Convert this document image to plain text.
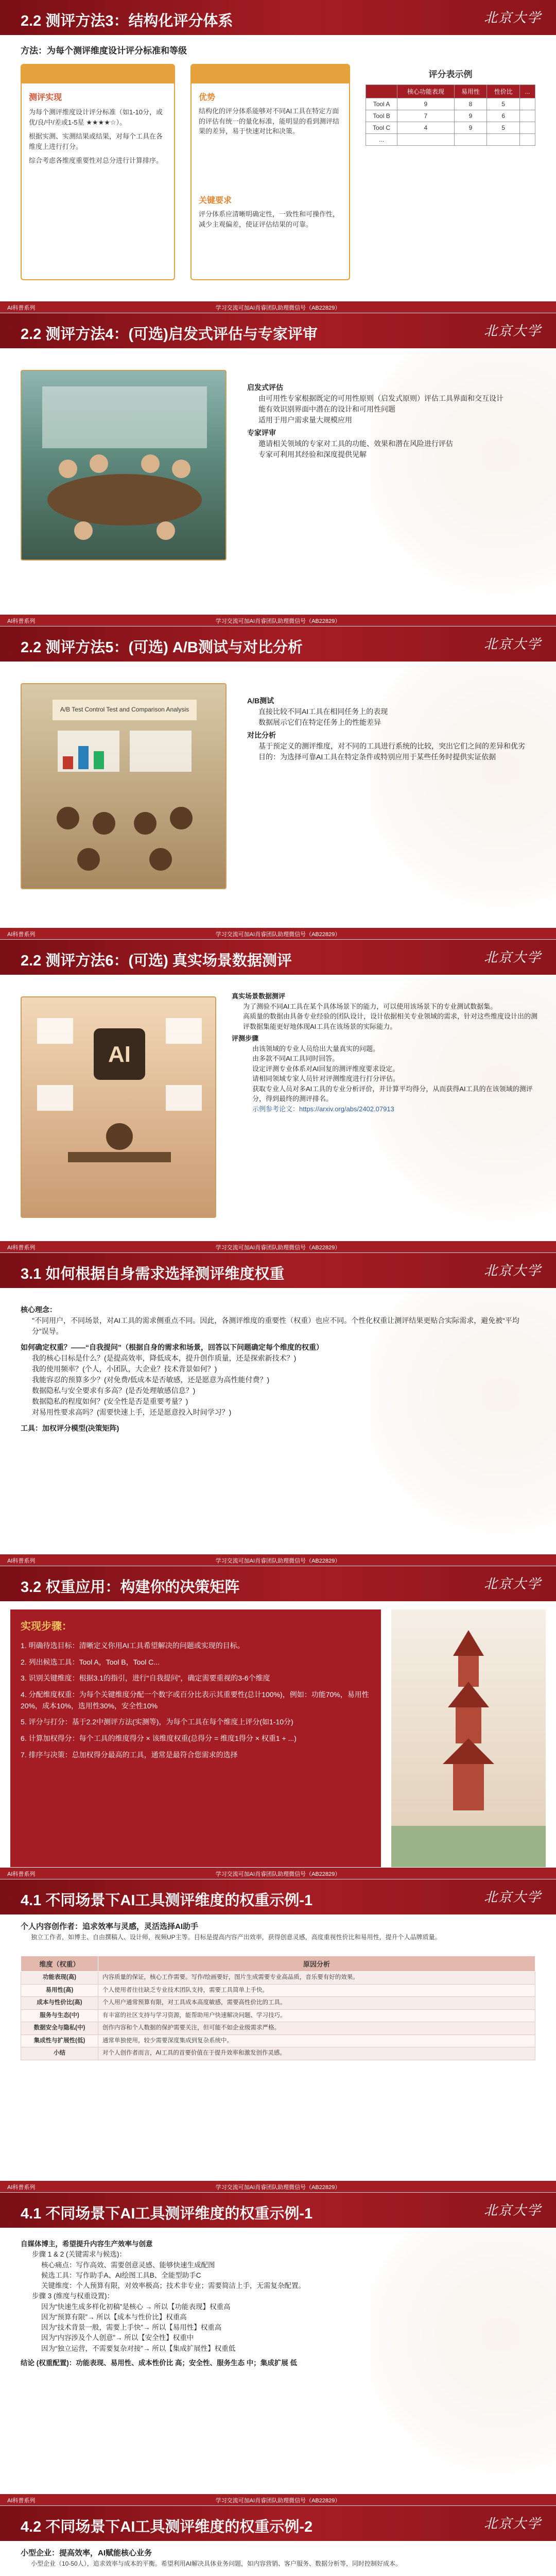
2.2 测评方法3：结构化评分体系	北京大学
方法：为每个测评维度设计评分标准和等级
测评实现
为每个测评维度设计评分标准（如1-10分，或优/良/中/差或1-5星 ★★★★☆）。
根据实测、实测结果或结果，对每个工具在各维度上进行打分。
综合考虑各维度重要性对总分进行计算排序。
优势
结构化的评分体系能够对不同AI工具在特定方面的评估有统一的量化标准，能明显的看到测评结果的差异，易于快速对比和决策。
关键要求
评分体系应清晰明确定性，一致性和可操作性，减少主观偏差，使证评估结果的可靠。
评分表示例
	核心功能表现	易用性	性价比	...
Tool A	9	8	5	
Tool B	7	9	6	
Tool C	4	9	5	
...				
AI科普系列	学习交流可加AI肖睿团队助理微信号（AB22829）
2.2 测评方法4：(可选)启发式评估与专家评审	北京大学
启发式评估
由可用性专家根据既定的可用性原则（启发式原则）评估工具界面和交互设计
能有效识别界面中潜在的设计和可用性问题
适用于用户需求量大规模应用
专家评审
邀请相关领域的专家对工具的功能、效果和潜在风险进行评估
专家可利用其经验和深度提供见解
AI科普系列	学习交流可加AI肖睿团队助理微信号（AB22829）
2.2 测评方法5：(可选) A/B测试与对比分析	北京大学
A/B Test Control Test and Comparison Analysis
A/B测试
直接比较不同AI工具在相同任务上的表现
数据展示它们在特定任务上的性能差异
对比分析
基于预定义的测评维度，对不同的工具进行系统的比较，突出它们之间的差异和优劣
目的：为选择可靠AI工具在特定条件或特别应用于某些任务时提供实证依据
AI科普系列	学习交流可加AI肖睿团队助理微信号（AB22829）
2.2 测评方法6：(可选) 真实场景数据测评	北京大学
AI
真实场景数据测评
为了测验不同AI工具在某个具体场景下的能力，可以使用该场景下的专业测试数据集。
高质量的数据由具备专业经验的团队设计，设计依据相关专业领域的需求，针对这些维度设计出的测评数据集能更好地体现AI工具在该场景的实际能力。
评测步骤
由该领域的专业人员给出大量真实的问题。
由多款不同AI工具同时回答。
设定评测专业体系对AI回复的测评维度要求设定。
请相同领域专家人员针对评测维度进行打分评估。
获取专业人员对多AI工具的专业分析评价，并计算平均得分，从而获得AI工具的在该领域的测评分，得到最终的测评排名。
示例参考论文：https://arxiv.org/abs/2402.07913
AI科普系列	学习交流可加AI肖睿团队助理微信号（AB22829）
3.1 如何根据自身需求选择测评维度权重	北京大学
核心理念：
"不同用户，不同场景，对AI工具的需求侧重点不同。因此，各测评维度的重要性（权重）也应不同。个性化权重让测评结果更贴合实际需求，避免被“平均分”误导。
如何确定权重？——“自我提问”（根据自身的需求和场景，回答以下问题确定每个维度的权重）
我的核心目标是什么？(是提高效率，降低成本，提升创作质量，还是探索新技术？)
我的使用频率？(个人，小团队，大企业？技术背景如何？)
我能容忍的预算多少？(对免费/低成本是否敏感，还是愿意为高性能付费？)
数据隐私与安全要求有多高？(是否处理敏感信息？)
数据隐私的程度如何？(安全性是否是重要考量？)
对易用性要求高吗？(需要快速上手，还是愿意投入时间学习？)
工具：加权评分模型(决策矩阵)
AI科普系列	学习交流可加AI肖睿团队助理微信号（AB22829）
3.2 权重应用：构建你的决策矩阵	北京大学
实现步骤：
1. 明确待选目标：清晰定义你用AI工具希望解决的问题或实现的目标。
2. 列出候选工具：Tool A，Tool B，Tool C...
3. 识别关键维度：根据3.1的指引，进行“自我提问”，确定需要重视的3-6个维度
4. 分配维度权重：为每个关键维度分配一个数字或百分比表示其重要性(总计100%)，例如：功能70%，易用性20%，成本10%，选用性30%，安全性10%
5. 评分与打分：基于2.2中测评方法(实测等)，为每个工具在每个维度上评分(如1-10分)
6. 计算加权得分：每个工具的维度得分 × 该维度权重(总得分 = 维度1得分 × 权重1 + ...)
7. 排序与决策：总加权得分最高的工具，通常是最符合您需求的选择
AI科普系列	学习交流可加AI肖睿团队助理微信号（AB22829）
4.1 不同场景下AI工具测评维度的权重示例-1	北京大学
个人内容创作者：追求效率与灵感，灵活选择AI助手
独立工作者，如博主、自由撰稿人、设计师，视频UP主等。目标是提高内容产出效率，获得创意灵感，高度重视性价比和易用性，提升个人品牌质量。
维度（权重）	原因分析
功能表现(高)	内容质量的保证，核心工作需要。写作/绘画要好，图片生成需要专业高品质，音乐要有好的效果。
易用性(高)	个人使用者往往缺乏专业技术团队支持，需要工具简单上手快。
成本与性价比(高)	个人用户通常预算有限，对工具成本高度敏感，需要高性价比的工具。
服务与生态(中)	有丰富的社区支持与学习资源，能帮助用户快速解决问题、学习技巧。
数据安全与隐私(中)	创作内容和个人数据的保护需要关注，但可能不如企业级需求严格。
集成性与扩展性(低)	通常单独使用，较少需要深度集成到复杂系统中。
小结	对个人创作者而言，AI工具的首要价值在于提升效率和激发创作灵感。
AI科普系列	学习交流可加AI肖睿团队助理微信号（AB22829）
4.1 不同场景下AI工具测评维度的权重示例-1	北京大学
自媒体博主，希望提升内容生产效率与创意
步骤 1 & 2 (关键需求与候选)：
核心痛点：写作高效、需要创意灵感、能够快速生成配图
候选工具：写作助手A、AI绘图工具B、全能型助手C
关键维度：个人预算有限，对效率极高；技术非专业；需要简洁上手，无需复杂配置。
步骤 3 (维度与权重设置)：
因为“快速生成多样化初稿”是核心 → 所以【功能表现】权重高
因为“预算有限”→ 所以【成本与性价比】权重高
因为“技术背景一般，需要上手快”→ 所以【易用性】权重高
因为“内容涉及个人创意”→ 所以【安全性】权重中
因为“独立运营，不需要复杂对接”→ 所以【集成扩展性】权重低
结论 (权重配置)：功能表现、易用性、成本性价比 高；安全性、服务生态 中；集成扩展 低
AI科普系列	学习交流可加AI肖睿团队助理微信号（AB22829）
4.2 不同场景下AI工具测评维度的权重示例-2	北京大学
小型企业：提高效率，AI赋能核心业务
小型企业（10-50人），追求效率与成本的平衡。希望利用AI解决具体业务问题，如内容营销、客户服务、数据分析等，同时控制好成本。
